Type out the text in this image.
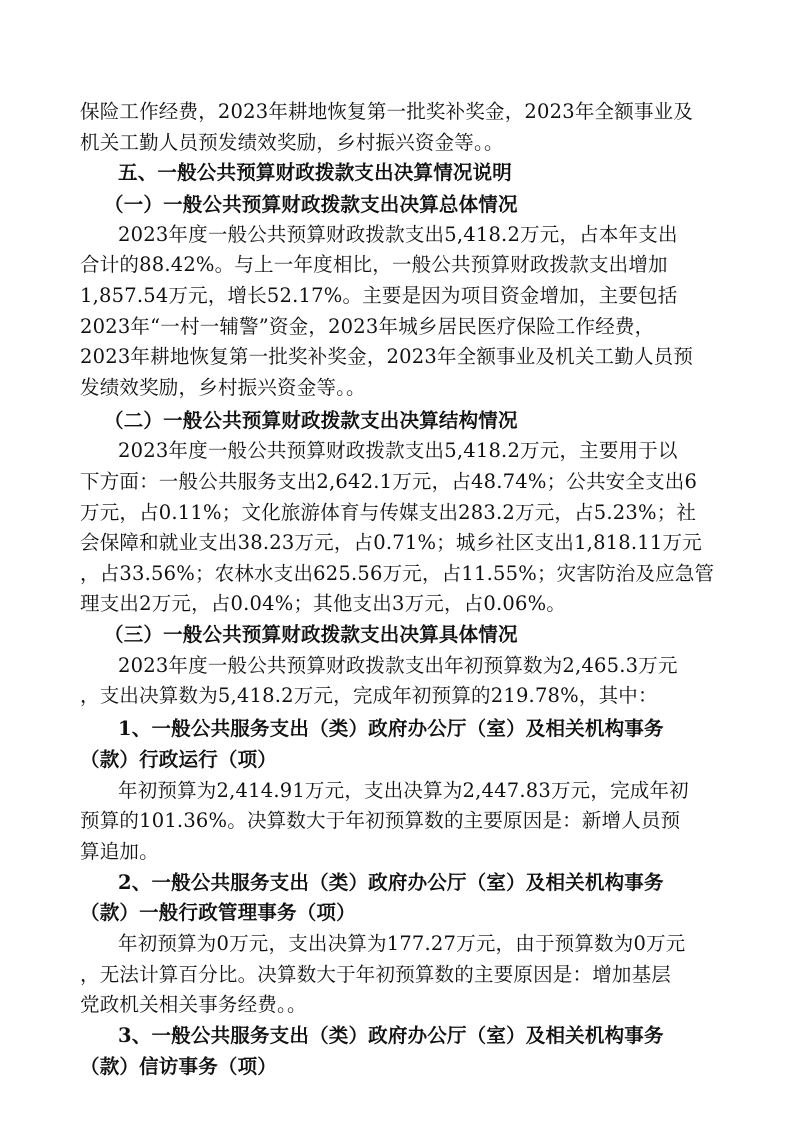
保险工作经费，2023年耕地恢复第一批奖补奖金，2023年全额事业及
机关工勤人员预发绩效奖励，乡村振兴资金等。。
五、一般公共预算财政拨款支出决算情况说明
（一）一般公共预算财政拨款支出决算总体情况
2023年度一般公共预算财政拨款支出5,418.2万元，占本年支出
合计的88.42%。与上一年度相比，一般公共预算财政拨款支出增加
1,857.54万元，增长52.17%。主要是因为项目资金增加，主要包括
2023年“一村一辅警”资金，2023年城乡居民医疗保险工作经费，
2023年耕地恢复第一批奖补奖金，2023年全额事业及机关工勤人员预
发绩效奖励，乡村振兴资金等。。
（二）一般公共预算财政拨款支出决算结构情况
2023年度一般公共预算财政拨款支出5,418.2万元，主要用于以
下方面：一般公共服务支出2,642.1万元，占48.74%；公共安全支出6
万元，占0.11%；文化旅游体育与传媒支出283.2万元，占5.23%；社
会保障和就业支出38.23万元，占0.71%；城乡社区支出1,818.11万元
，占33.56%；农林水支出625.56万元，占11.55%；灾害防治及应急管
理支出2万元，占0.04%；其他支出3万元，占0.06%。
（三）一般公共预算财政拨款支出决算具体情况
2023年度一般公共预算财政拨款支出年初预算数为2,465.3万元
，支出决算数为5,418.2万元，完成年初预算的219.78%，其中：
1、一般公共服务支出（类）政府办公厅（室）及相关机构事务
（款）行政运行（项）
年初预算为2,414.91万元，支出决算为2,447.83万元，完成年初
预算的101.36%。决算数大于年初预算数的主要原因是：新增人员预
算追加。
2、一般公共服务支出（类）政府办公厅（室）及相关机构事务
（款）一般行政管理事务（项）
年初预算为0万元，支出决算为177.27万元，由于预算数为0万元
，无法计算百分比。决算数大于年初预算数的主要原因是：增加基层
党政机关相关事务经费。。
3、一般公共服务支出（类）政府办公厅（室）及相关机构事务
（款）信访事务（项）
